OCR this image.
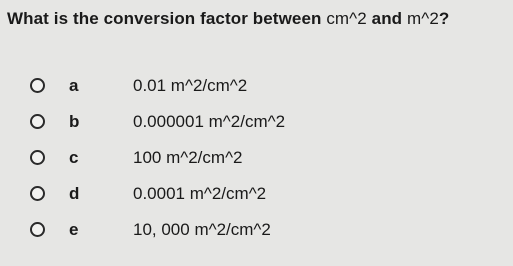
What is the conversion factor between cm^2 and m^2?
a	0.01 m^2/cm^2
b	0.000001 m^2/cm^2
c	100 m^2/cm^2
d	0.0001 m^2/cm^2
e	10, 000 m^2/cm^2
